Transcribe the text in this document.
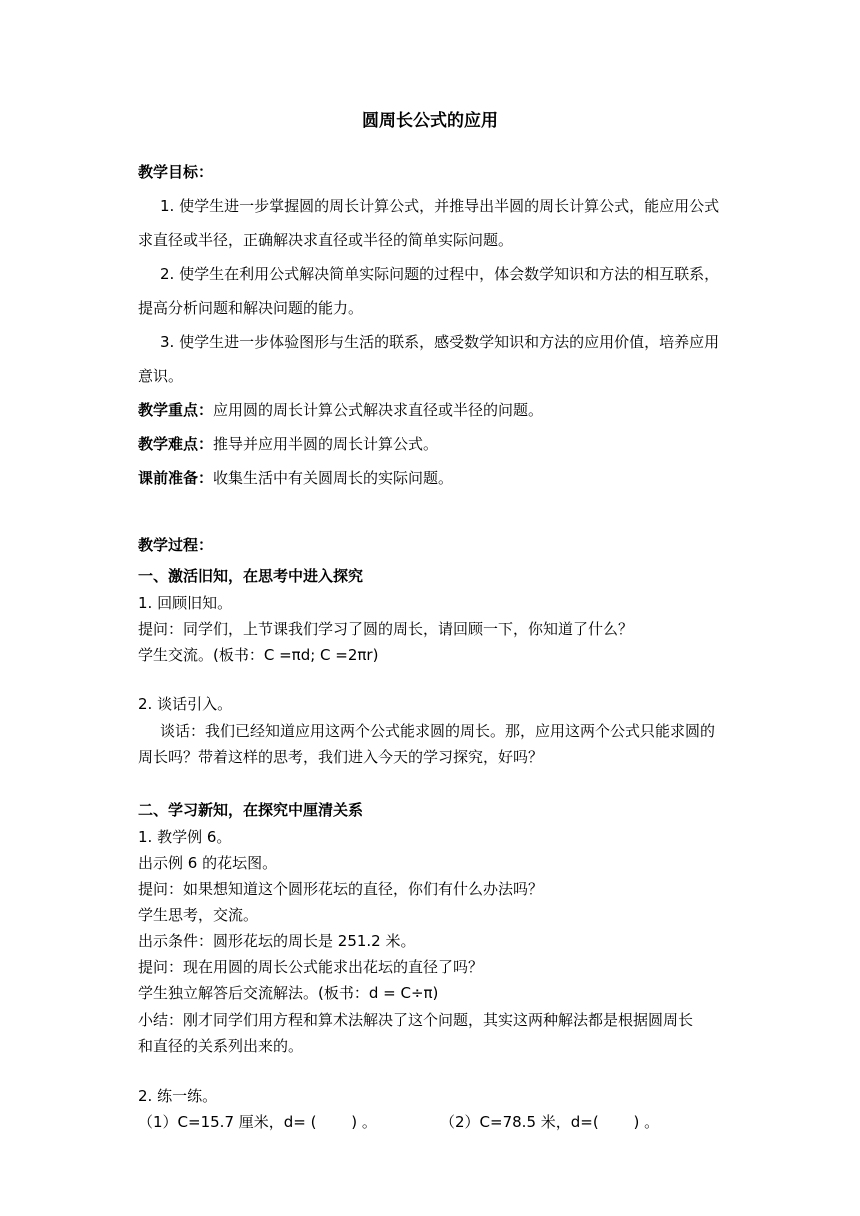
圆周长公式的应用
教学目标：
1. 使学生进一步掌握圆的周长计算公式，并推导出半圆的周长计算公式，能应用公式
求直径或半径，正确解决求直径或半径的简单实际问题。
2. 使学生在利用公式解决简单实际问题的过程中，体会数学知识和方法的相互联系，
提高分析问题和解决问题的能力。
3. 使学生进一步体验图形与生活的联系，感受数学知识和方法的应用价值，培养应用
意识。
教学重点：应用圆的周长计算公式解决求直径或半径的问题。
教学难点：推导并应用半圆的周长计算公式。
课前准备：收集生活中有关圆周长的实际问题。
教学过程：
一、激活旧知，在思考中进入探究
1. 回顾旧知。
提问：同学们，上节课我们学习了圆的周长，请回顾一下，你知道了什么？
学生交流。(板书：C =πd; C =2πr)
2. 谈话引入。
谈话：我们已经知道应用这两个公式能求圆的周长。那，应用这两个公式只能求圆的
周长吗？带着这样的思考，我们进入今天的学习探究，好吗？
二、学习新知，在探究中厘清关系
1. 教学例 6。
出示例 6 的花坛图。
提问：如果想知道这个圆形花坛的直径，你们有什么办法吗？
学生思考，交流。
出示条件：圆形花坛的周长是 251.2 米。
提问：现在用圆的周长公式能求出花坛的直径了吗？
学生独立解答后交流解法。(板书：d = C÷π)
小结：刚才同学们用方程和算术法解决了这个问题，其实这两种解法都是根据圆周长
和直径的关系列出来的。
2. 练一练。
（1）C=15.7 厘米，d= (　　 ) 。	（2）C=78.5 米，d=(　　 ) 。
